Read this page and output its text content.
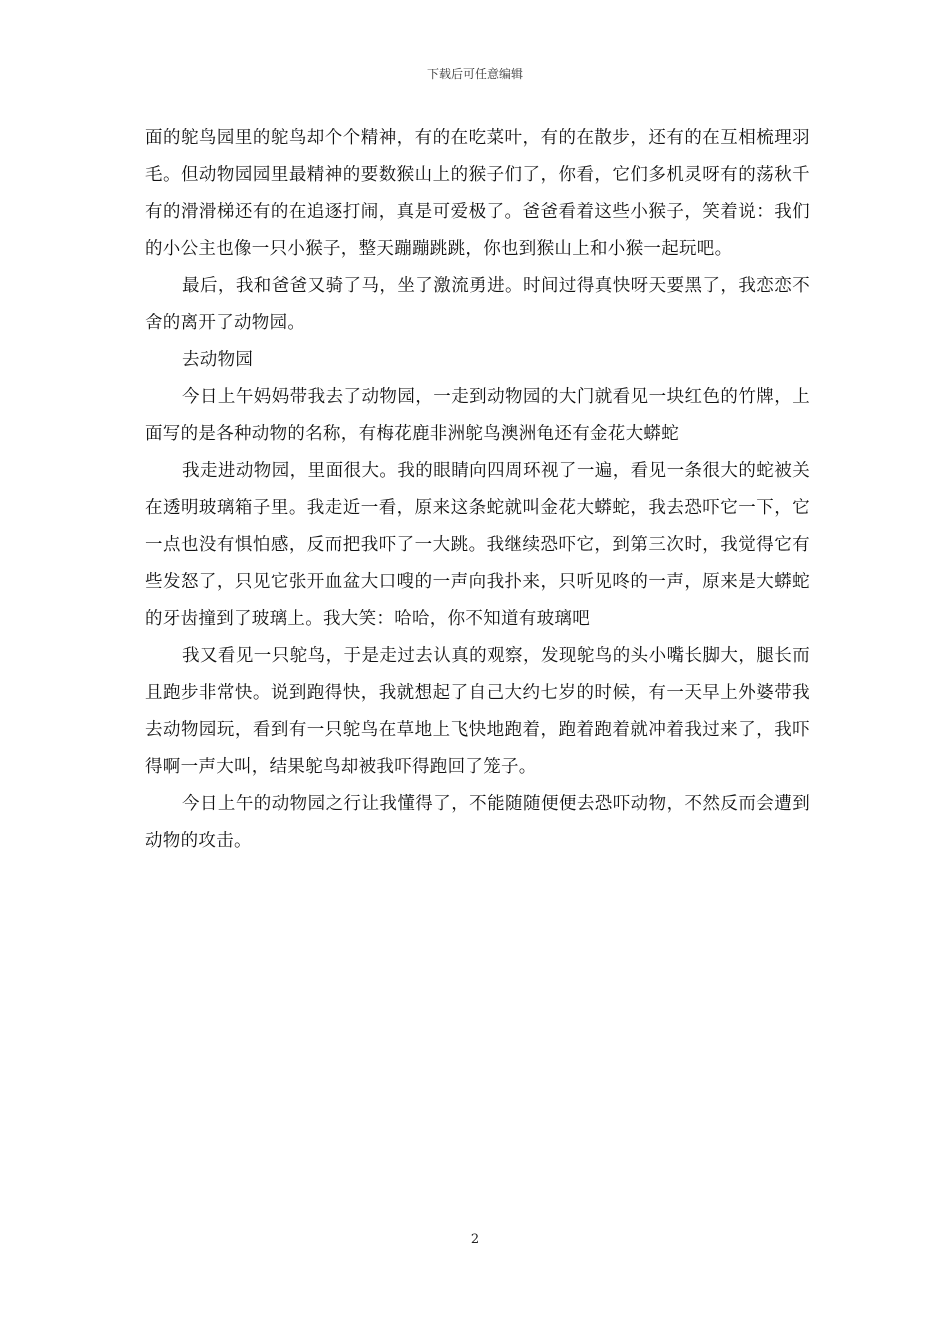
下载后可任意编辑

面的鸵鸟园里的鸵鸟却个个精神，有的在吃菜叶，有的在散步，还有的在互相梳理羽毛。但动物园园里最精神的要数猴山上的猴子们了，你看，它们多机灵呀有的荡秋千有的滑滑梯还有的在追逐打闹，真是可爱极了。爸爸看着这些小猴子，笑着说：我们的小公主也像一只小猴子，整天蹦蹦跳跳，你也到猴山上和小猴一起玩吧。

最后，我和爸爸又骑了马，坐了激流勇进。时间过得真快呀天要黑了，我恋恋不舍的离开了动物园。

去动物园

今日上午妈妈带我去了动物园，一走到动物园的大门就看见一块红色的竹牌，上面写的是各种动物的名称，有梅花鹿非洲鸵鸟澳洲龟还有金花大蟒蛇

我走进动物园，里面很大。我的眼睛向四周环视了一遍，看见一条很大的蛇被关在透明玻璃箱子里。我走近一看，原来这条蛇就叫金花大蟒蛇，我去恐吓它一下，它一点也没有惧怕感，反而把我吓了一大跳。我继续恐吓它，到第三次时，我觉得它有些发怒了，只见它张开血盆大口嗖的一声向我扑来，只听见咚的一声，原来是大蟒蛇的牙齿撞到了玻璃上。我大笑：哈哈，你不知道有玻璃吧

我又看见一只鸵鸟，于是走过去认真的观察，发现鸵鸟的头小嘴长脚大，腿长而且跑步非常快。说到跑得快，我就想起了自己大约七岁的时候，有一天早上外婆带我去动物园玩，看到有一只鸵鸟在草地上飞快地跑着，跑着跑着就冲着我过来了，我吓得啊一声大叫，结果鸵鸟却被我吓得跑回了笼子。

今日上午的动物园之行让我懂得了，不能随随便便去恐吓动物，不然反而会遭到动物的攻击。

2
